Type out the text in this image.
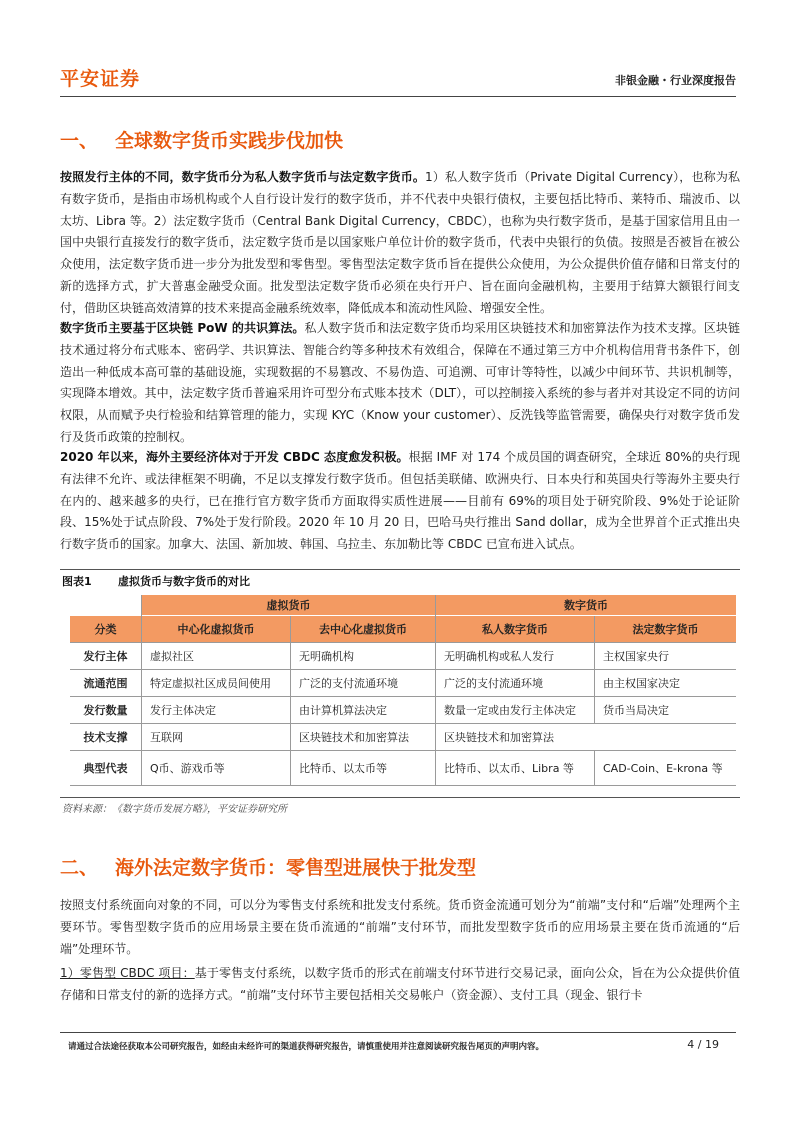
平安证券	非银金融・行业深度报告
一、 全球数字货币实践步伐加快
按照发行主体的不同，数字货币分为私人数字货币与法定数字货币。1）私人数字货币（Private Digital Currency），也称为私有数字货币，是指由市场机构或个人自行设计发行的数字货币，并不代表中央银行债权，主要包括比特币、莱特币、瑞波币、以太坊、Libra 等。2）法定数字货币（Central Bank Digital Currency，CBDC），也称为央行数字货币，是基于国家信用且由一国中央银行直接发行的数字货币，法定数字货币是以国家账户单位计价的数字货币，代表中央银行的负债。按照是否被旨在被公众使用，法定数字货币进一步分为批发型和零售型。零售型法定数字货币旨在提供公众使用，为公众提供价值存储和日常支付的新的选择方式，扩大普惠金融受众面。批发型法定数字货币必须在央行开户、旨在面向金融机构，主要用于结算大额银行间支付，借助区块链高效清算的技术来提高金融系统效率，降低成本和流动性风险、增强安全性。
数字货币主要基于区块链 PoW 的共识算法。私人数字货币和法定数字货币均采用区块链技术和加密算法作为技术支撑。区块链技术通过将分布式账本、密码学、共识算法、智能合约等多种技术有效组合，保障在不通过第三方中介机构信用背书条件下，创造出一种低成本高可靠的基础设施，实现数据的不易篡改、不易伪造、可追溯、可审计等特性，以减少中间环节、共识机制等，实现降本增效。其中，法定数字货币普遍采用许可型分布式账本技术（DLT），可以控制接入系统的参与者并对其设定不同的访问权限，从而赋予央行检验和结算管理的能力，实现 KYC（Know your customer）、反洗钱等监管需要，确保央行对数字货币发行及货币政策的控制权。
2020 年以来，海外主要经济体对于开发 CBDC 态度愈发积极。根据 IMF 对 174 个成员国的调查研究，全球近 80%的央行现有法律不允许、或法律框架不明确，不足以支撑发行数字货币。但包括美联储、欧洲央行、日本央行和英国央行等海外主要央行在内的、越来越多的央行，已在推行官方数字货币方面取得实质性进展——目前有 69%的项目处于研究阶段、9%处于论证阶段、15%处于试点阶段、7%处于发行阶段。2020 年 10 月 20 日，巴哈马央行推出 Sand dollar，成为全世界首个正式推出央行数字货币的国家。加拿大、法国、新加坡、韩国、乌拉圭、东加勒比等 CBDC 已宣布进入试点。
图表1 虚拟货币与数字货币的对比
虚拟货币	数字货币
分类	中心化虚拟货币	去中心化虚拟货币	私人数字货币	法定数字货币
发行主体	虚拟社区	无明确机构	无明确机构或私人发行	主权国家央行
流通范围	特定虚拟社区成员间使用	广泛的支付流通环境	广泛的支付流通环境	由主权国家决定
发行数量	发行主体决定	由计算机算法决定	数量一定或由发行主体决定	货币当局决定
技术支撑	互联网	区块链技术和加密算法	区块链技术和加密算法
典型代表	Q币、游戏币等	比特币、以太币等	比特币、以太币、Libra 等	CAD-Coin、E-krona 等
资料来源：《数字货币发展方略》，平安证券研究所
二、 海外法定数字货币：零售型进展快于批发型
按照支付系统面向对象的不同，可以分为零售支付系统和批发支付系统。货币资金流通可划分为“前端”支付和“后端”处理两个主要环节。零售型数字货币的应用场景主要在货币流通的“前端”支付环节，而批发型数字货币的应用场景主要在货币流通的“后端”处理环节。
1）零售型 CBDC 项目：基于零售支付系统，以数字货币的形式在前端支付环节进行交易记录，面向公众，旨在为公众提供价值存储和日常支付的新的选择方式。“前端”支付环节主要包括相关交易帐户（资金源）、支付工具（现金、银行卡
请通过合法途径获取本公司研究报告，如经由未经许可的渠道获得研究报告，请慎重使用并注意阅读研究报告尾页的声明内容。	4 / 19
